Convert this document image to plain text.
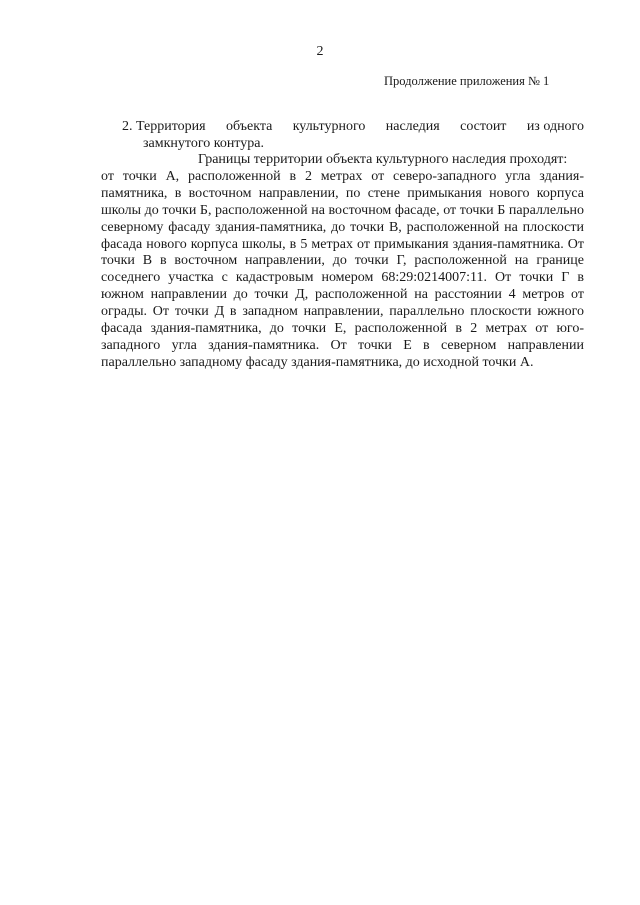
2
Продолжение приложения № 1
2. Территория объекта культурного наследия состоит из одного
замкнутого контура.
Границы территории объекта культурного наследия проходят:

от точки А, расположенной в 2 метрах от северо-западного угла здания-памятника, в восточном направлении, по стене примыкания нового корпуса школы до точки Б, расположенной на восточном фасаде, от точки Б параллельно северному фасаду здания-памятника, до точки В, расположенной на плоскости фасада нового корпуса школы, в 5 метрах от примыкания здания-памятника. От точки В в восточном направлении, до точки Г, расположенной на границе соседнего участка с кадастровым номером 68:29:0214007:11. От точки Г в южном направлении до точки Д, расположенной на расстоянии 4 метров от ограды. От точки Д в западном направлении, параллельно плоскости южного фасада здания-памятника, до точки Е, расположенной в 2 метрах от юго-западного угла здания-памятника. От точки Е в северном направлении параллельно западному фасаду здания-памятника, до исходной точки А.
